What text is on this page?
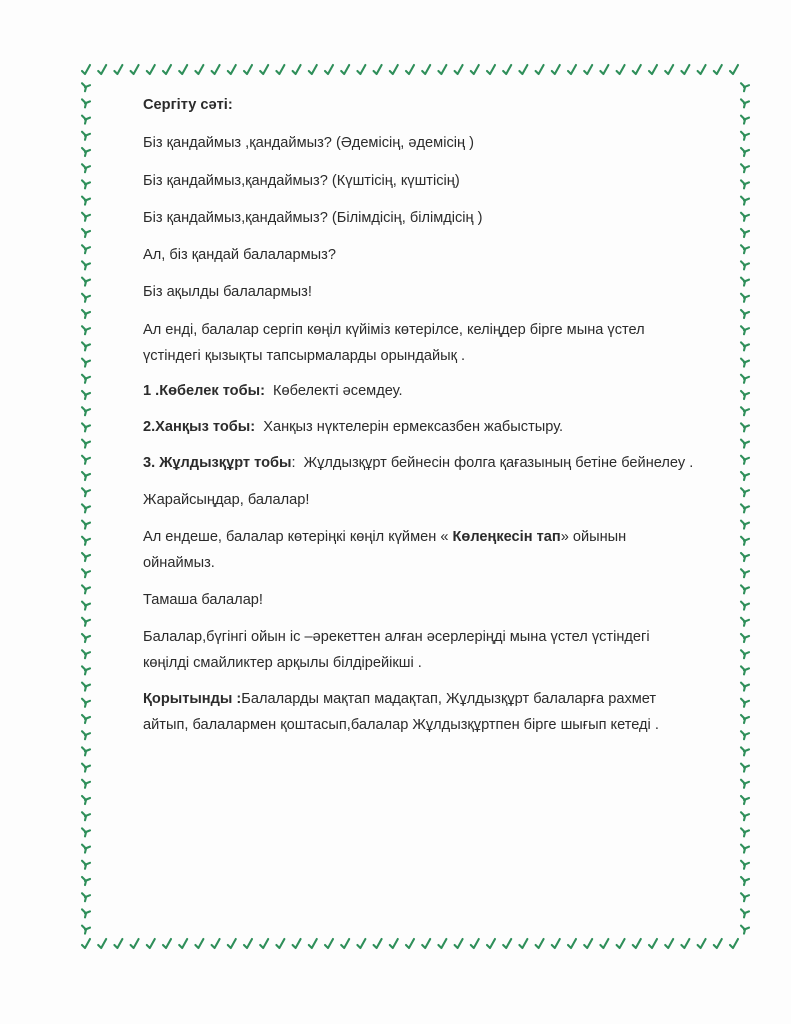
Сергіту сәті:

Біз қандаймыз ,қандаймыз? (Әдемісің, әдемісің )

Біз қандаймыз,қандаймыз? (Күштісің, күштісің)

Біз қандаймыз,қандаймыз? (Білімдісің, білімдісің )

Ал, біз қандай балалармыз?

Біз ақылды балалармыз!

Ал енді, балалар сергіп көңіл күйіміз көтерілсе, келіңдер бірге мына үстел

үстіндегі қызықты тапсырмаларды орындайық .

1 .Көбелек тобы:  Көбелекті әсемдеу.

2.Ханқыз тобы:  Ханқыз нүктелерін ермексазбен жабыстыру.

3. Жұлдызқұрт тобы:  Жұлдызқұрт бейнесін фолга қағазының бетіне бейнелеу .

Жарайсыңдар, балалар!

Ал ендеше, балалар көтеріңкі көңіл күймен « Көлеңкесін тап» ойынын

ойнаймыз.

Тамаша балалар!

Балалар,бүгінгі ойын іс –әрекеттен алған әсерлеріңді мына үстел үстіндегі

көңілді смайликтер арқылы білдірейікші .

Қорытынды :Балаларды мақтап мадақтап, Жұлдызқұрт балаларға рахмет

айтып, балалармен қоштасып,балалар Жұлдызқұртпен бірге шығып кетеді .
